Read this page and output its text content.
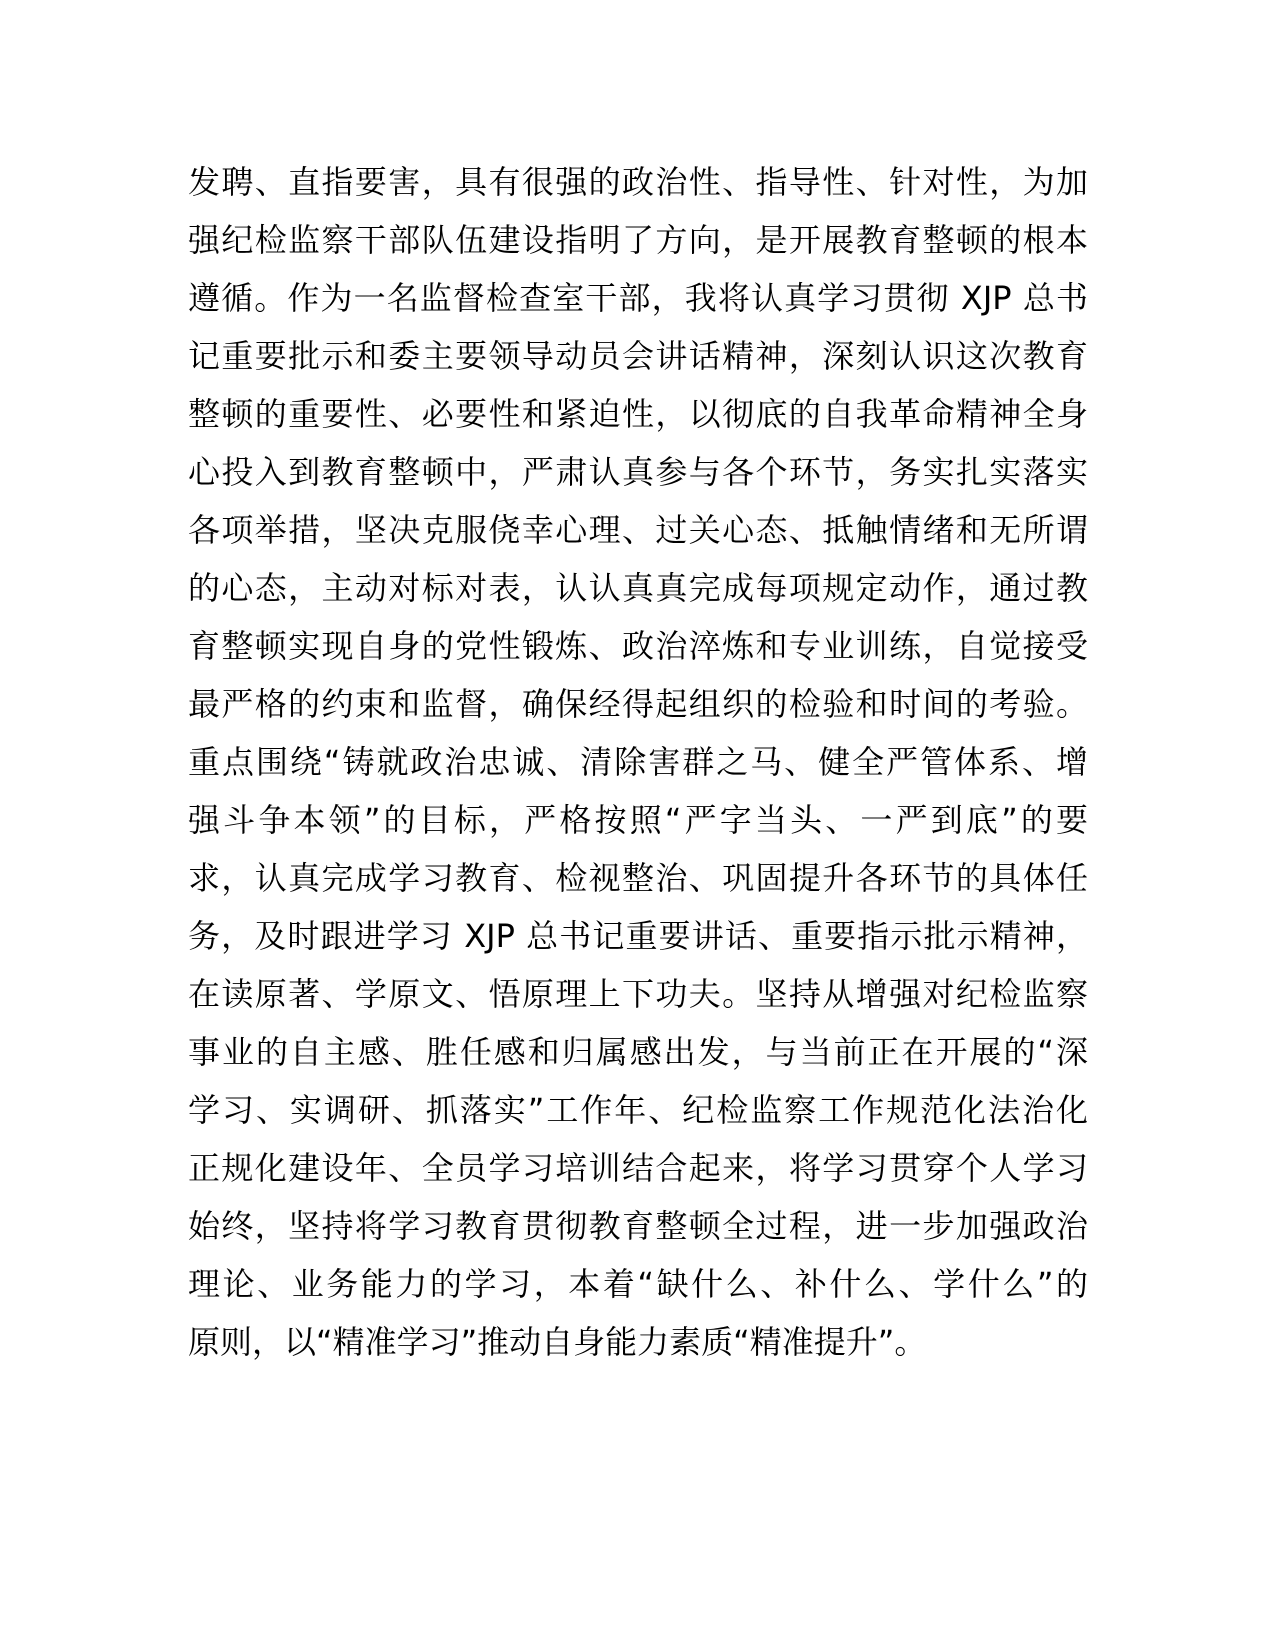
发聘、直指要害，具有很强的政治性、指导性、针对性，为加
强纪检监察干部队伍建设指明了方向，是开展教育整顿的根本
遵循。作为一名监督检查室干部，我将认真学习贯彻 XJP 总书
记重要批示和委主要领导动员会讲话精神，深刻认识这次教育
整顿的重要性、必要性和紧迫性，以彻底的自我革命精神全身
心投入到教育整顿中，严肃认真参与各个环节，务实扎实落实
各项举措，坚决克服侥幸心理、过关心态、抵触情绪和无所谓
的心态，主动对标对表，认认真真完成每项规定动作，通过教
育整顿实现自身的党性锻炼、政治淬炼和专业训练，自觉接受
最严格的约束和监督，确保经得起组织的检验和时间的考验。
重点围绕“铸就政治忠诚、清除害群之马、健全严管体系、增
强斗争本领”的目标，严格按照“严字当头、一严到底”的要
求，认真完成学习教育、检视整治、巩固提升各环节的具体任
务，及时跟进学习 XJP 总书记重要讲话、重要指示批示精神，
在读原著、学原文、悟原理上下功夫。坚持从增强对纪检监察
事业的自主感、胜任感和归属感出发，与当前正在开展的“深
学习、实调研、抓落实”工作年、纪检监察工作规范化法治化
正规化建设年、全员学习培训结合起来，将学习贯穿个人学习
始终，坚持将学习教育贯彻教育整顿全过程，进一步加强政治
理论、业务能力的学习，本着“缺什么、补什么、学什么”的
原则，以“精准学习”推动自身能力素质“精准提升”。
